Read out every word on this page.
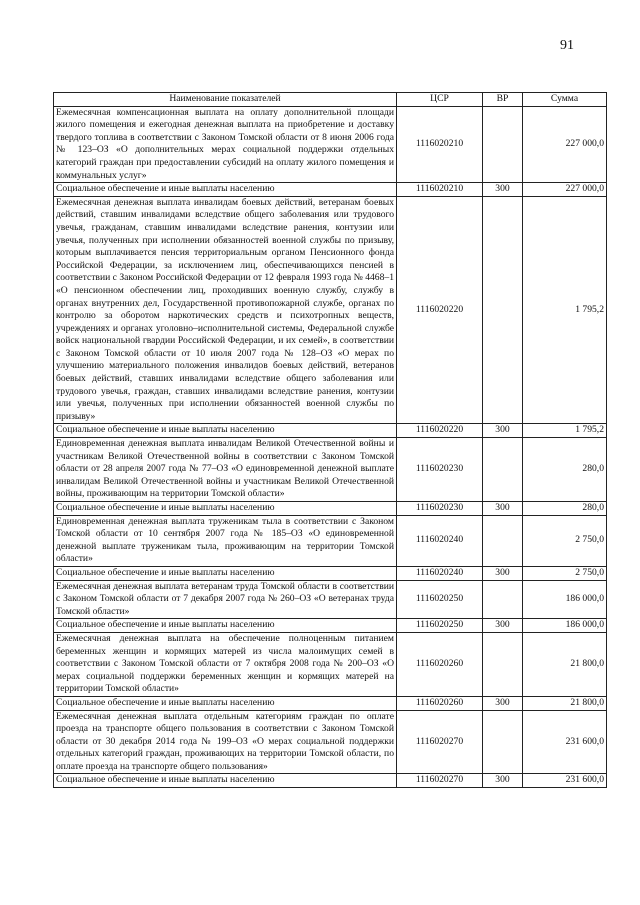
91
Наименование показателей	ЦСР	ВР	Сумма
Ежемесячная компенсационная выплата на оплату дополнительной площади жилого помещения и ежегодная денежная выплата на приобретение и доставку твердого топлива в соответствии с Законом Томской области от 8 июня 2006 года № 123–ОЗ «О дополнительных мерах социальной поддержки отдельных категорий граждан при предоставлении субсидий на оплату жилого помещения и коммунальных услуг»	1116020210		227 000,0
Социальное обеспечение и иные выплаты населению	1116020210	300	227 000,0
Ежемесячная денежная выплата инвалидам боевых действий, ветеранам боевых действий, ставшим инвалидами вследствие общего заболевания или трудового увечья, гражданам, ставшим инвалидами вследствие ранения, контузии или увечья, полученных при исполнении обязанностей военной службы по призыву, которым выплачивается пенсия территориальным органом Пенсионного фонда Российской Федерации, за исключением лиц, обеспечивающихся пенсией в соответствии с Законом Российской Федерации от 12 февраля 1993 года № 4468–1 «О пенсионном обеспечении лиц, проходивших военную службу, службу в органах внутренних дел, Государственной противопожарной службе, органах по контролю за оборотом наркотических средств и психотропных веществ, учреждениях и органах уголовно–исполнительной системы, Федеральной службе войск национальной гвардии Российской Федерации, и их семей», в соответствии с Законом Томской области от 10 июля 2007 года № 128–ОЗ «О мерах по улучшению материального положения инвалидов боевых действий, ветеранов боевых действий, ставших инвалидами вследствие общего заболевания или трудового увечья, граждан, ставших инвалидами вследствие ранения, контузии или увечья, полученных при исполнении обязанностей военной службы по призыву»	1116020220		1 795,2
Социальное обеспечение и иные выплаты населению	1116020220	300	1 795,2
Единовременная денежная выплата инвалидам Великой Отечественной войны и участникам Великой Отечественной войны в соответствии с Законом Томской области от 28 апреля 2007 года № 77–ОЗ «О единовременной денежной выплате инвалидам Великой Отечественной войны и участникам Великой Отечественной войны, проживающим на территории Томской области»	1116020230		280,0
Социальное обеспечение и иные выплаты населению	1116020230	300	280,0
Единовременная денежная выплата труженикам тыла в соответствии с Законом Томской области от 10 сентября 2007 года № 185–ОЗ «О единовременной денежной выплате труженикам тыла, проживающим на территории Томской области»	1116020240		2 750,0
Социальное обеспечение и иные выплаты населению	1116020240	300	2 750,0
Ежемесячная денежная выплата ветеранам труда Томской области в соответствии с Законом Томской области от 7 декабря 2007 года № 260–ОЗ «О ветеранах труда Томской области»	1116020250		186 000,0
Социальное обеспечение и иные выплаты населению	1116020250	300	186 000,0
Ежемесячная денежная выплата на обеспечение полноценным питанием беременных женщин и кормящих матерей из числа малоимущих семей в соответствии с Законом Томской области от 7 октября 2008 года № 200–ОЗ «О мерах социальной поддержки беременных женщин и кормящих матерей на территории Томской области»	1116020260		21 800,0
Социальное обеспечение и иные выплаты населению	1116020260	300	21 800,0
Ежемесячная денежная выплата отдельным категориям граждан по оплате проезда на транспорте общего пользования в соответствии с Законом Томской области от 30 декабря 2014 года № 199–ОЗ «О мерах социальной поддержки отдельных категорий граждан, проживающих на территории Томской области, по оплате проезда на транспорте общего пользования»	1116020270		231 600,0
Социальное обеспечение и иные выплаты населению	1116020270	300	231 600,0
